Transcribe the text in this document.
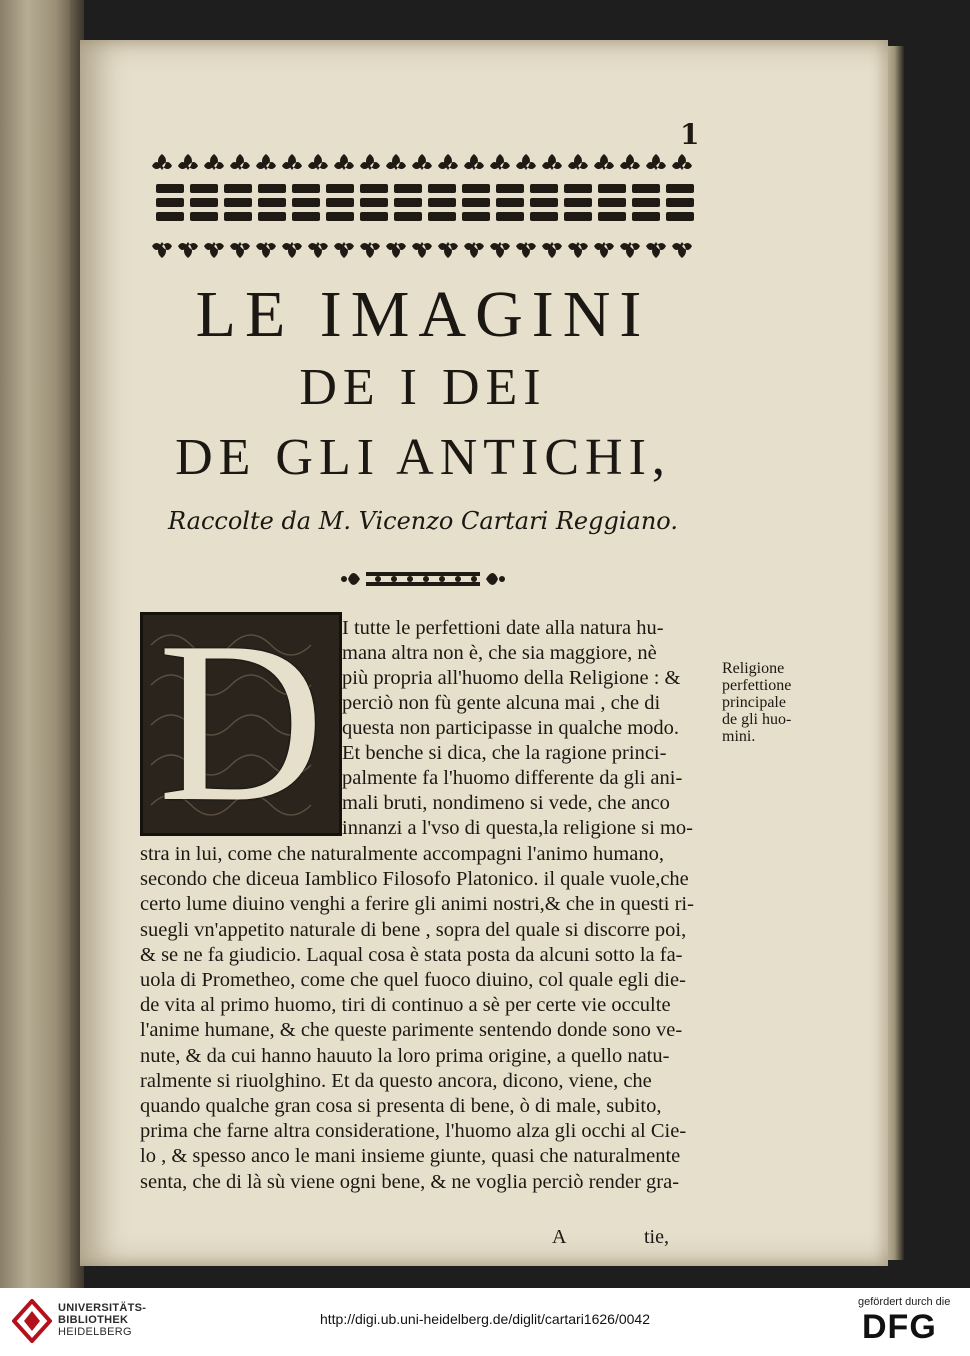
1
LE IMAGINI
DE I DEI
DE GLI ANTICHI,
Raccolte da M. Vicenzo Cartari Reggiano.
D I tutte le perfettioni date alla natura hu-
mana altra non è, che sia maggiore, nè
più propria all'huomo della Religione : &
perciò non fù gente alcuna mai , che di
questa non participasse in qualche modo.
Et benche si dica, che la ragione princi-
palmente fa l'huomo differente da gli ani-
mali bruti, nondimeno si vede, che anco
innanzi a l'vso di questa,la religione si mo-
stra in lui, come che naturalmente accompagni l'animo humano,
secondo che diceua Iamblico Filosofo Platonico. il quale vuole,che
certo lume diuino venghi a ferire gli animi nostri,& che in questi ri-
suegli vn'appetito naturale di bene , sopra del quale si discorre poi,
& se ne fa giudicio. Laqual cosa è stata posta da alcuni sotto la fa-
uola di Prometheo, come che quel fuoco diuino, col quale egli die-
de vita al primo huomo, tiri di continuo a sè per certe vie occulte
l'anime humane, & che queste parimente sentendo donde sono ve-
nute, & da cui hanno hauuto la loro prima origine, a quello natu-
ralmente si riuolghino. Et da questo ancora, dicono, viene, che
quando qualche gran cosa si presenta di bene, ò di male, subito,
prima che farne altra consideratione, l'huomo alza gli occhi al Cie-
lo , & spesso anco le mani insieme giunte, quasi che naturalmente
senta, che di là sù viene ogni bene, & ne voglia perciò render gra-
Religione
perfettione
principale
de gli huo-
mini.
A	tie,
UNIVERSITÄTS-
BIBLIOTHEK
HEIDELBERG
http://digi.ub.uni-heidelberg.de/diglit/cartari1626/0042
gefördert durch die
DFG
